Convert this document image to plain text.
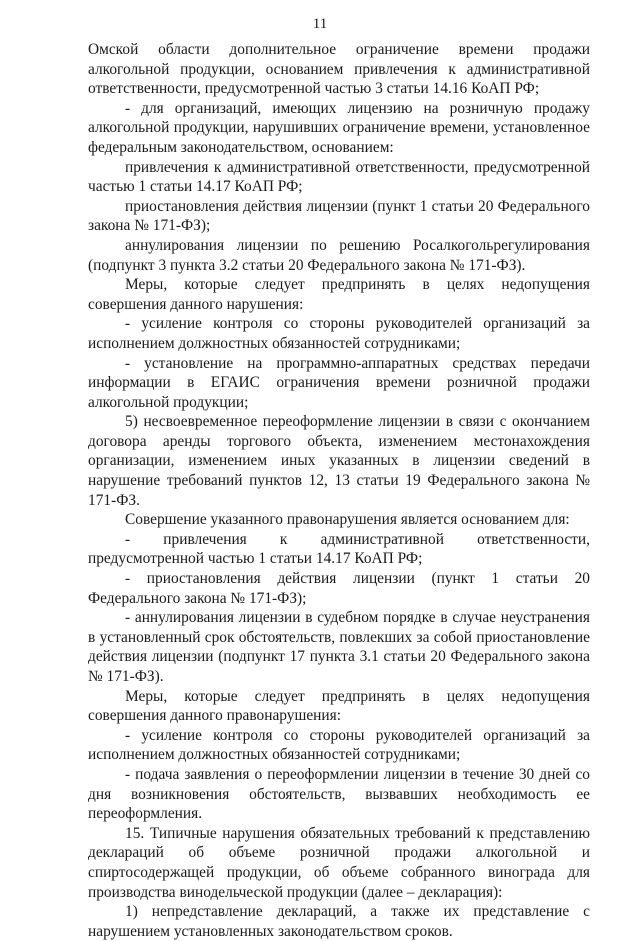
11

Омской области дополнительное ограничение времени продажи алкогольной продукции, основанием привлечения к административной ответственности, предусмотренной частью 3 статьи 14.16 КоАП РФ;

- для организаций, имеющих лицензию на розничную продажу алкогольной продукции, нарушивших ограничение времени, установленное федеральным законодательством, основанием:

привлечения к административной ответственности, предусмотренной частью 1 статьи 14.17 КоАП РФ;

приостановления действия лицензии (пункт 1 статьи 20 Федерального закона № 171-ФЗ);

аннулирования лицензии по решению Росалкогольрегулирования (подпункт 3 пункта 3.2 статьи 20 Федерального закона № 171-ФЗ).

Меры, которые следует предпринять в целях недопущения совершения данного нарушения:

- усиление контроля со стороны руководителей организаций за исполнением должностных обязанностей сотрудниками;

- установление на программно-аппаратных средствах передачи информации в ЕГАИС ограничения времени розничной продажи алкогольной продукции;

5) несвоевременное переоформление лицензии в связи с окончанием договора аренды торгового объекта, изменением местонахождения организации, изменением иных указанных в лицензии сведений в нарушение требований пунктов 12, 13 статьи 19 Федерального закона № 171-ФЗ.

Совершение указанного правонарушения является основанием для:

- привлечения к административной ответственности, предусмотренной частью 1 статьи 14.17 КоАП РФ;

- приостановления действия лицензии (пункт 1 статьи 20 Федерального закона № 171-ФЗ);

- аннулирования лицензии в судебном порядке в случае неустранения в установленный срок обстоятельств, повлекших за собой приостановление действия лицензии (подпункт 17 пункта 3.1 статьи 20 Федерального закона № 171-ФЗ).

Меры, которые следует предпринять в целях недопущения совершения данного правонарушения:

- усиление контроля со стороны руководителей организаций за исполнением должностных обязанностей сотрудниками;

- подача заявления о переоформлении лицензии в течение 30 дней со дня возникновения обстоятельств, вызвавших необходимость ее переоформления.

15. Типичные нарушения обязательных требований к представлению деклараций об объеме розничной продажи алкогольной и спиртосодержащей продукции, об объеме собранного винограда для производства винодельческой продукции (далее – декларация):

1) непредставление деклараций, а также их представление с нарушением установленных законодательством сроков.
